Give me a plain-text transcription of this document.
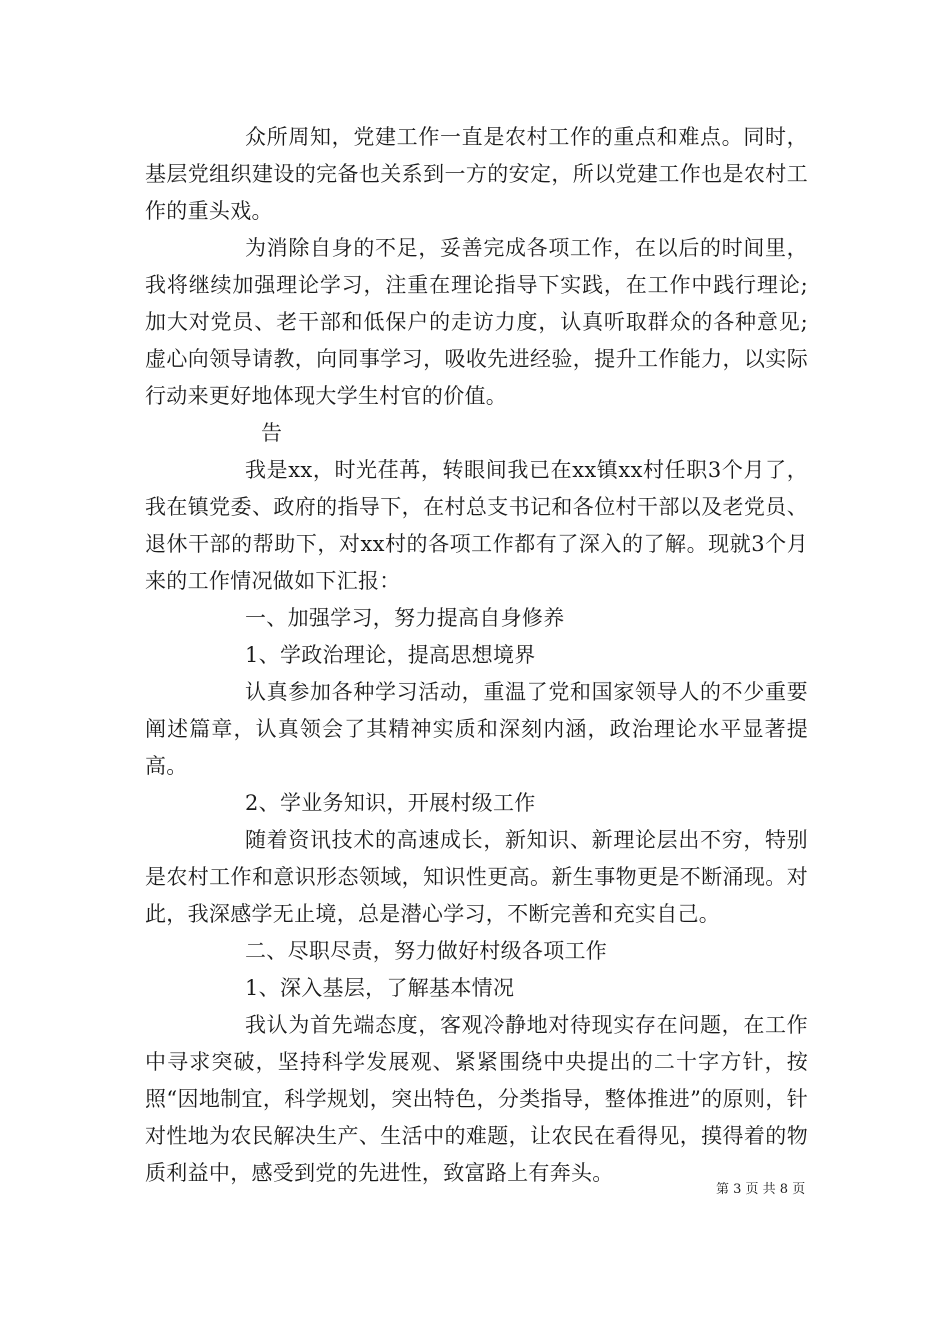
众所周知，党建工作一直是农村工作的重点和难点。同时，基层党组织建设的完备也关系到一方的安定，所以党建工作也是农村工作的重头戏。

为消除自身的不足，妥善完成各项工作，在以后的时间里，我将继续加强理论学习，注重在理论指导下实践，在工作中践行理论;加大对党员、老干部和低保户的走访力度，认真听取群众的各种意见;虚心向领导请教，向同事学习，吸收先进经验，提升工作能力，以实际行动来更好地体现大学生村官的价值。

告

我是xx，时光荏苒，转眼间我已在xx镇xx村任职3个月了，我在镇党委、政府的指导下，在村总支书记和各位村干部以及老党员、退休干部的帮助下，对xx村的各项工作都有了深入的了解。现就3个月来的工作情况做如下汇报：

一、加强学习，努力提高自身修养

1、学政治理论，提高思想境界

认真参加各种学习活动，重温了党和国家领导人的不少重要阐述篇章，认真领会了其精神实质和深刻内涵，政治理论水平显著提高。

2、学业务知识，开展村级工作

随着资讯技术的高速成长，新知识、新理论层出不穷，特别是农村工作和意识形态领域，知识性更高。新生事物更是不断涌现。对此，我深感学无止境，总是潜心学习，不断完善和充实自己。

二、尽职尽责，努力做好村级各项工作

1、深入基层，了解基本情况

我认为首先端态度，客观冷静地对待现实存在问题，在工作中寻求突破，坚持科学发展观、紧紧围绕中央提出的二十字方针，按照“因地制宜，科学规划，突出特色，分类指导，整体推进”的原则，针对性地为农民解决生产、生活中的难题，让农民在看得见，摸得着的物质利益中，感受到党的先进性，致富路上有奔头。

第 3 页 共 8 页
